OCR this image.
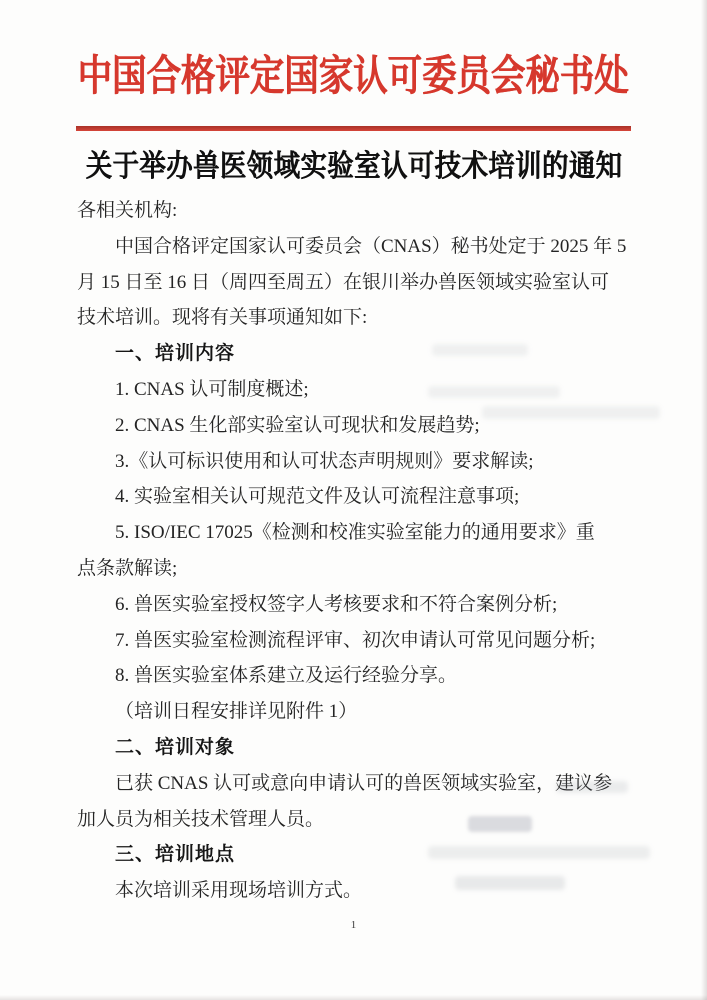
中国合格评定国家认可委员会秘书处
关于举办兽医领域实验室认可技术培训的通知
各相关机构:
中国合格评定国家认可委员会（CNAS）秘书处定于 2025 年 5
月 15 日至 16 日（周四至周五）在银川举办兽医领域实验室认可
技术培训。现将有关事项通知如下:
一、培训内容
1. CNAS 认可制度概述;
2. CNAS 生化部实验室认可现状和发展趋势;
3.《认可标识使用和认可状态声明规则》要求解读;
4. 实验室相关认可规范文件及认可流程注意事项;
5. ISO/IEC 17025《检测和校准实验室能力的通用要求》重
点条款解读;
6. 兽医实验室授权签字人考核要求和不符合案例分析;
7. 兽医实验室检测流程评审、初次申请认可常见问题分析;
8. 兽医实验室体系建立及运行经验分享。
（培训日程安排详见附件 1）
二、培训对象
已获 CNAS 认可或意向申请认可的兽医领域实验室，建议参
加人员为相关技术管理人员。
三、培训地点
本次培训采用现场培训方式。
1
